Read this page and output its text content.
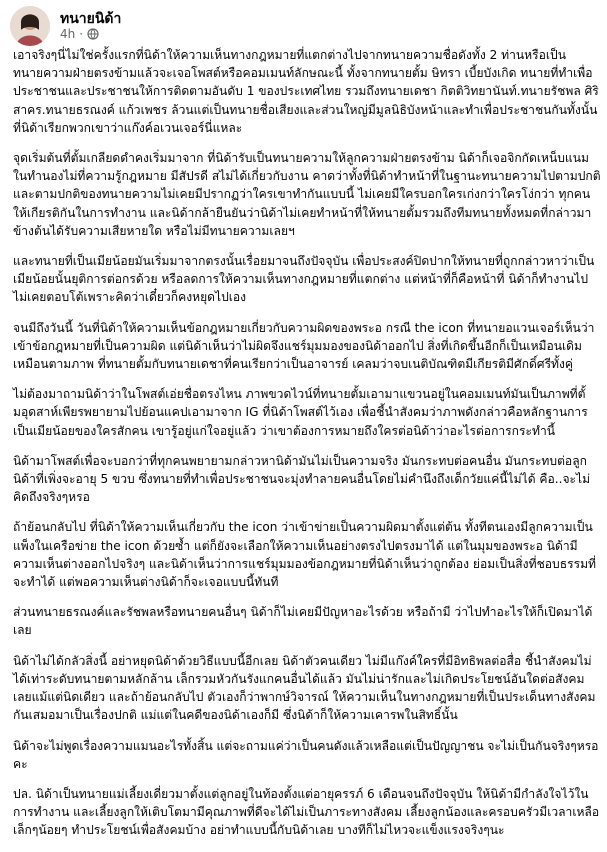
ทนายนิด้า
4h ·

เอาจริงๆนี่ไม่ใช่ครั้งแรกที่นิด้าให้ความเห็นทางกฎหมายที่แตกต่างไปจากทนายความชื่อดังทั้ง 2 ท่านหรือเป็นทนายความฝ่ายตรงข้ามแล้วจะเจอโพสต์หรือคอมเมนท์ลักษณะนี้ ทั้งจากทนายตั้ม ษิทรา เบี้ยบังเกิด ทนายที่ทำเพื่อประชาชนและประชาชนให้การติดตามอันดับ 1 ของประเทศไทย รวมถึงทนายเดชา กิตติวิทยานันท์.ทนายรัชพล ศิริสาคร.ทนายธรณงค์ แก้วเพชร ล้วนแต่เป็นทนายชื่อเสียงและส่วนใหญ่มีมูลนิธิบังหน้าและทำเพื่อประชาชนกันทั้งนั้น ที่นิด้าเรียกพวกเขาว่าแก๊งค์อเวนเจอร์นี่แหละ

จุดเริ่มต้นที่ตั้มเกลียดดำคงเริ่มมาจาก ที่นิด้ารับเป็นทนายความให้ลูกความฝ่ายตรงข้าม นิด้าก็เจอจิกกัดเหน็บแนม ในทำนองไม่ที่ความรู้กฎหมาย มีสัปรดี สไม่ได้เกี่ยวกับงาน คาดว่าทั้งที่นิด้าทำหน้าที่ในฐานะทนายความไปตามปกติ และตามปกติของทนายความไม่เคยมีปรากฏว่าใครเขาทำกันแบบนี้ ไม่เคยมีใครบอกใครเก่งกว่าใครโง่กว่า ทุกคนให้เกียรติกันในการทำงาน และนิด้ากล้ายืนยันว่านิด้าไม่เคยทำหน้าที่ให้ทนายตั้มรวมถึงทีมทนายทั้งหมดที่กล่าวมาข้างต้นได้รับความเสียหายใด หรือไม่มีทนายความเลยฯ

และทนายที่เป็นเมียน้อยมันเริ่มมาจากตรงนั้นเรื่อยมาจนถึงปัจจุบัน เพื่อประสงค์ปิดปากให้ทนายที่ถูกกล่าวหาว่าเป็นเมียน้อยนั้นยุติการต่อกรด้วย หรือลดการให้ความเห็นทางกฎหมายที่แตกต่าง แต่หน้าที่ก็คือหน้าที่ นิด้าก็ทำงานไปไม่เคยตอบโต้เพราะคิดว่าเดี๋ยวก็คงหยุดไปเอง

จนมีถึงวันนี้ วันที่นิด้าให้ความเห็นข้อกฎหมายเกี่ยวกับความผิดของพระอ กรณี the icon ที่ทนายอแวนเจอร์เห็นว่าเข้าข้อกฎหมายที่เป็นความผิด แต่นิด้าเห็นว่าไม่ผิดจึงแชร์มุมมองของนิด้าออกไป สิ่งที่เกิดขึ้นอีกก็เป็นเหมือนเดิม เหมือนตามภาพ ที่ทนายตั้มกับทนายเดชาที่คนเรียกว่าเป็นอาจารย์ เคลมว่าจบเนติบัณฑิตมีเกียรติมีศักดิ์ศรีทั้งคู่

ไม่ต้องมาถามนิด้าว่าในโพสต์เอ่ยชื่อตรงไหน ภาพขวดไวน์ที่ทนายตั้มเอามาแขวนอยู่ในคอมเมนท์มันเป็นภาพที่ตั้มอุดสาห์เพียรพยายามไปย้อนแคปเอามาจาก IG ที่นิด้าโพสต์ไว้เอง เพื่อชี้นำสังคมว่าภาพดังกล่าวคือหลักฐานการเป็นเมียน้อยของใครสักคน เขารู้อยู่แก่ใจอยู่แล้ว ว่าเขาต้องการหมายถึงใครต่อนิด้าว่าอะไรต่อการกระทำนี้

นิด้ามาโพสต์เพื่อจะบอกว่าที่ทุกคนพยายามกล่าวหานิด้ามันไม่เป็นความจริง มันกระทบต่อคนอื่น มันกระทบต่อลูกนิด้าที่เพิ่งจะอายุ 5 ขวบ ซึ่งทนายที่ทำเพื่อประชาชนจะมุ่งทำลายคนอื่นโดยไม่คำนึงถึงเด็กวัยแค่นี้ไม่ได้ คือ..จะไม่คิดถึงจริงๆหรอ

ถ้าย้อนกลับไป ที่นิด้าให้ความเห็นเกี่ยวกับ the icon ว่าเข้าข่ายเป็นความผิดมาตั้งแต่ต้น ทั้งทีตนเองมีลูกความเป็นแพ็งในเครือข่าย the icon ด้วยซ้ำ แต่ก็ยังจะเลือกให้ความเห็นอย่างตรงไปตรงมาได้ แต่ในมุมของพระอ นิด้ามีความเห็นต่างออกไปจริงๆ และนิด้าเห็นว่าการแชร์มุมมองข้อกฎหมายที่นิด้าเห็นว่าถูกต้อง ย่อมเป็นสิ่งที่ชอบธรรมที่จะทำได้ แต่พอความเห็นต่างนิด้าก็จะเจอแบบนี้ทันที

ส่วนทนายธรณงค์และรัชพลหรือทนายคนอื่นๆ นิด้าก็ไม่เคยมีปัญหาอะไรด้วย หรือถ้ามี ว่าไปทำอะไรให้ก็เปิดมาได้เลย

นิด้าไม่ได้กลัวสิ่งนี้ อย่าหยุดนิด้าด้วยวิธีแบบนี้อีกเลย นิด้าตัวคนเดียว ไม่มีแก๊งค์ใครที่มีอิทธิพลต่อสื่อ ชี้นำสังคมไม่ได้เท่าระดับทนายตามหลักล้าน เล็กรวมหัวกันรังแกคนอื่นได้แล้ว มันไม่น่ารักและไม่เกิดประโยชน์อันใดต่อสังคมเลยแม้แต่นิดเดียว และถ้าย้อนกลับไป ตัวเองก็ว่าพากษ์วิจารณ์ ให้ความเห็นในทางกฎหมายที่เป็นประเด็นทางสังคมกันเสมอมาเป็นเรื่องปกติ แม่แต่ในคดีของนิด้าเองก็มี ซึ่งนิด้าก็ให้ความเคารพในสิทธิ์นั้น

นิด้าจะไม่พูดเรื่องความแมนอะไรทั้งสิ้น แต่จะถามแค่ว่าเป็นคนดังแล้วเหลือแต่เป็นปัญญาชน จะไม่เป็นกันจริงๆหรอคะ

ปล. นิด้าเป็นทนายแม่เลี้ยงเดี่ยวมาตั้งแต่ลูกอยู่ในท้องตั้งแต่อายุครรภ์ 6 เดือนจนถึงปัจจุบัน ให้นิด้ามีกำลังใจไว้ในการทำงาน และเลี้ยงลูกให้เติบโตมามีคุณภาพที่ดีจะได้ไม่เป็นภาระทางสังคม เลี้ยงลูกน้องและครอบครัวมีเวลาเหลือเล็กๆน้อยๆ ทำประโยชน์เพื่อสังคมบ้าง อย่าทำแบบนี้กับนิด้าเลย บางทีก็ไม่ไหวจะแข็งแรงจริงๆนะ
